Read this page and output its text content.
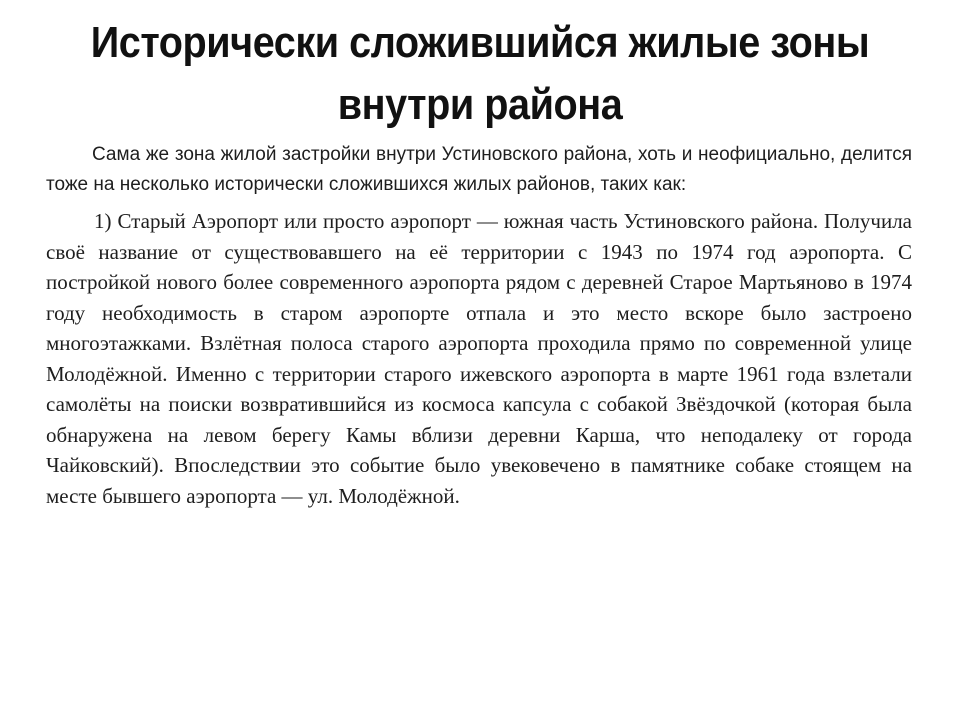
Исторически сложившийся жилые зоны внутри района

Сама же зона жилой застройки внутри Устиновского района, хоть и неофициально, делится тоже на несколько исторически сложившихся жилых районов, таких как:

1) Старый Аэропорт или просто аэропорт — южная часть Устиновского района. Получила своё название от существовавшего на её территории с 1943 по 1974 год аэропорта. С постройкой нового более современного аэропорта рядом с деревней Старое Мартьяново в 1974 году необходимость в старом аэропорте отпала и это место вскоре было застроено многоэтажками. Взлётная полоса старого аэропорта проходила прямо по современной улице Молодёжной. Именно с территории старого ижевского аэропорта в марте 1961 года взлетали самолёты на поиски возвратившийся из космоса капсула с собакой Звёздочкой (которая была обнаружена на левом берегу Камы вблизи деревни Карша, что неподалеку от города Чайковский). Впоследствии это событие было увековечено в памятнике собаке стоящем на месте бывшего аэропорта — ул. Молодёжной.
